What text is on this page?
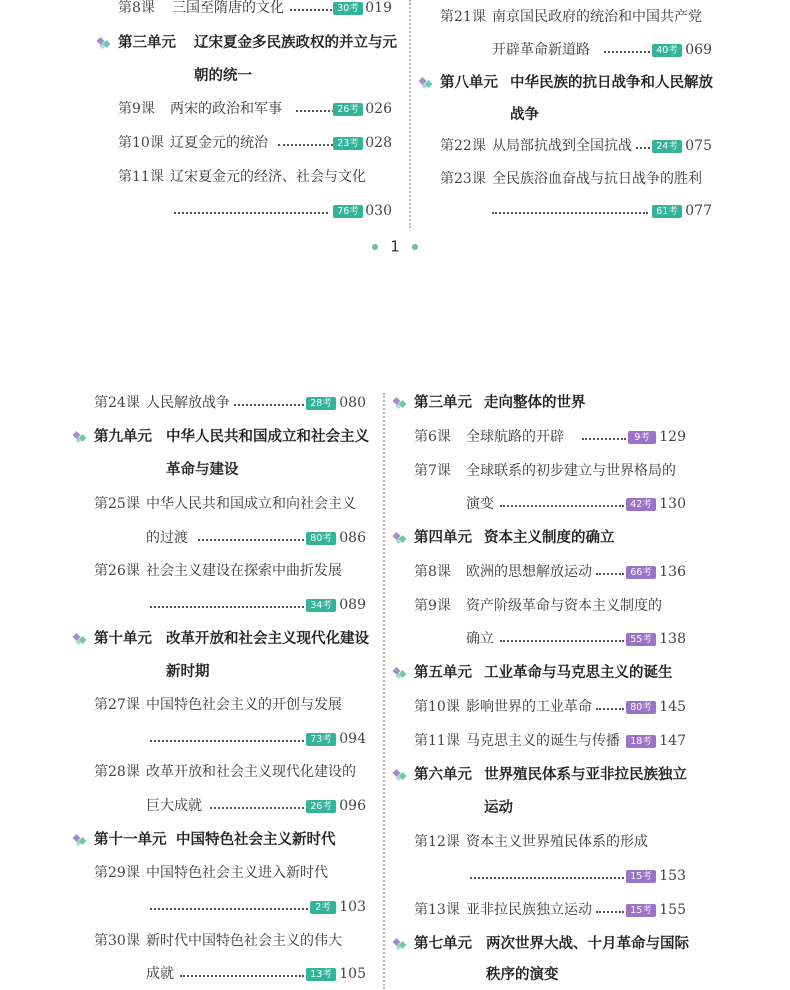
第8课 三国至隋唐的文化	30考 019
第三单元 辽宋夏金多民族政权的并立与元
朝的统一
第9课 两宋的政治和军事	26考 026
第10课 辽夏金元的统治	23考 028
第11课 辽宋夏金元的经济、社会与文化
76考 030
第21课 南京国民政府的统治和中国共产党
开辟革命新道路	40考 069
第八单元 中华民族的抗日战争和人民解放
战争
第22课 从局部抗战到全国抗战	24考 075
第23课 全民族浴血奋战与抗日战争的胜利
61考 077
1
第24课 人民解放战争	28考 080
第九单元 中华人民共和国成立和社会主义
革命与建设
第25课 中华人民共和国成立和向社会主义
的过渡	80考 086
第26课 社会主义建设在探索中曲折发展
34考 089
第十单元 改革开放和社会主义现代化建设
新时期
第27课 中国特色社会主义的开创与发展
73考 094
第28课 改革开放和社会主义现代化建设的
巨大成就	26考 096
第十一单元 中国特色社会主义新时代
第29课 中国特色社会主义进入新时代
2考 103
第30课 新时代中国特色社会主义的伟大
成就	13考 105
第三单元 走向整体的世界
第6课 全球航路的开辟	9考 129
第7课 全球联系的初步建立与世界格局的
演变	42考 130
第四单元 资本主义制度的确立
第8课 欧洲的思想解放运动	66考 136
第9课 资产阶级革命与资本主义制度的
确立	55考 138
第五单元 工业革命与马克思主义的诞生
第10课 影响世界的工业革命	80考 145
第11课 马克思主义的诞生与传播	18考 147
第六单元 世界殖民体系与亚非拉民族独立
运动
第12课 资本主义世界殖民体系的形成
15考 153
第13课 亚非拉民族独立运动	15考 155
第七单元 两次世界大战、十月革命与国际
秩序的演变
